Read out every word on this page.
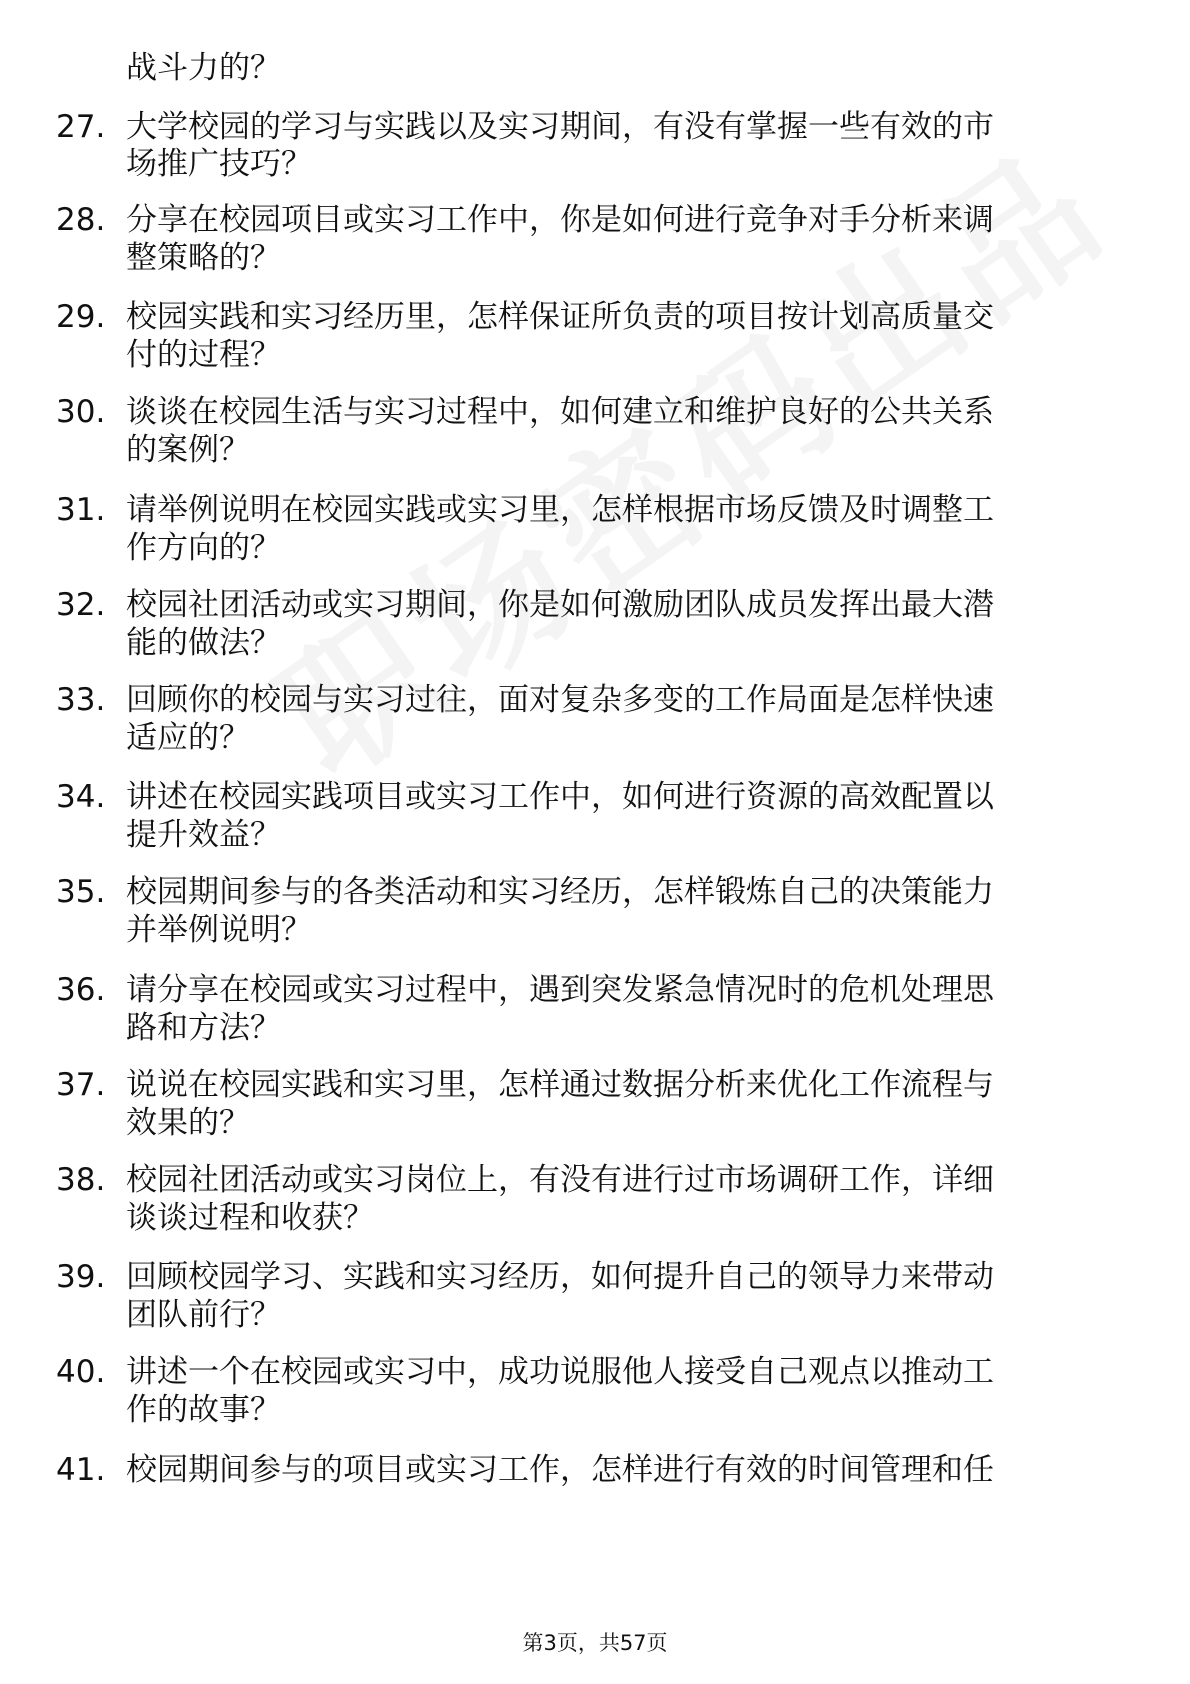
战斗力的？
27. 大学校园的学习与实践以及实习期间，有没有掌握一些有效的市
场推广技巧？
28. 分享在校园项目或实习工作中，你是如何进行竞争对手分析来调
整策略的？
29. 校园实践和实习经历里，怎样保证所负责的项目按计划高质量交
付的过程？
30. 谈谈在校园生活与实习过程中，如何建立和维护良好的公共关系
的案例？
31. 请举例说明在校园实践或实习里，怎样根据市场反馈及时调整工
作方向的？
32. 校园社团活动或实习期间，你是如何激励团队成员发挥出最大潜
能的做法？
33. 回顾你的校园与实习过往，面对复杂多变的工作局面是怎样快速
适应的？
34. 讲述在校园实践项目或实习工作中，如何进行资源的高效配置以
提升效益？
35. 校园期间参与的各类活动和实习经历，怎样锻炼自己的决策能力
并举例说明？
36. 请分享在校园或实习过程中，遇到突发紧急情况时的危机处理思
路和方法？
37. 说说在校园实践和实习里，怎样通过数据分析来优化工作流程与
效果的？
38. 校园社团活动或实习岗位上，有没有进行过市场调研工作，详细
谈谈过程和收获？
39. 回顾校园学习、实践和实习经历，如何提升自己的领导力来带动
团队前行？
40. 讲述一个在校园或实习中，成功说服他人接受自己观点以推动工
作的故事？
41. 校园期间参与的项目或实习工作，怎样进行有效的时间管理和任
第3页，共57页
